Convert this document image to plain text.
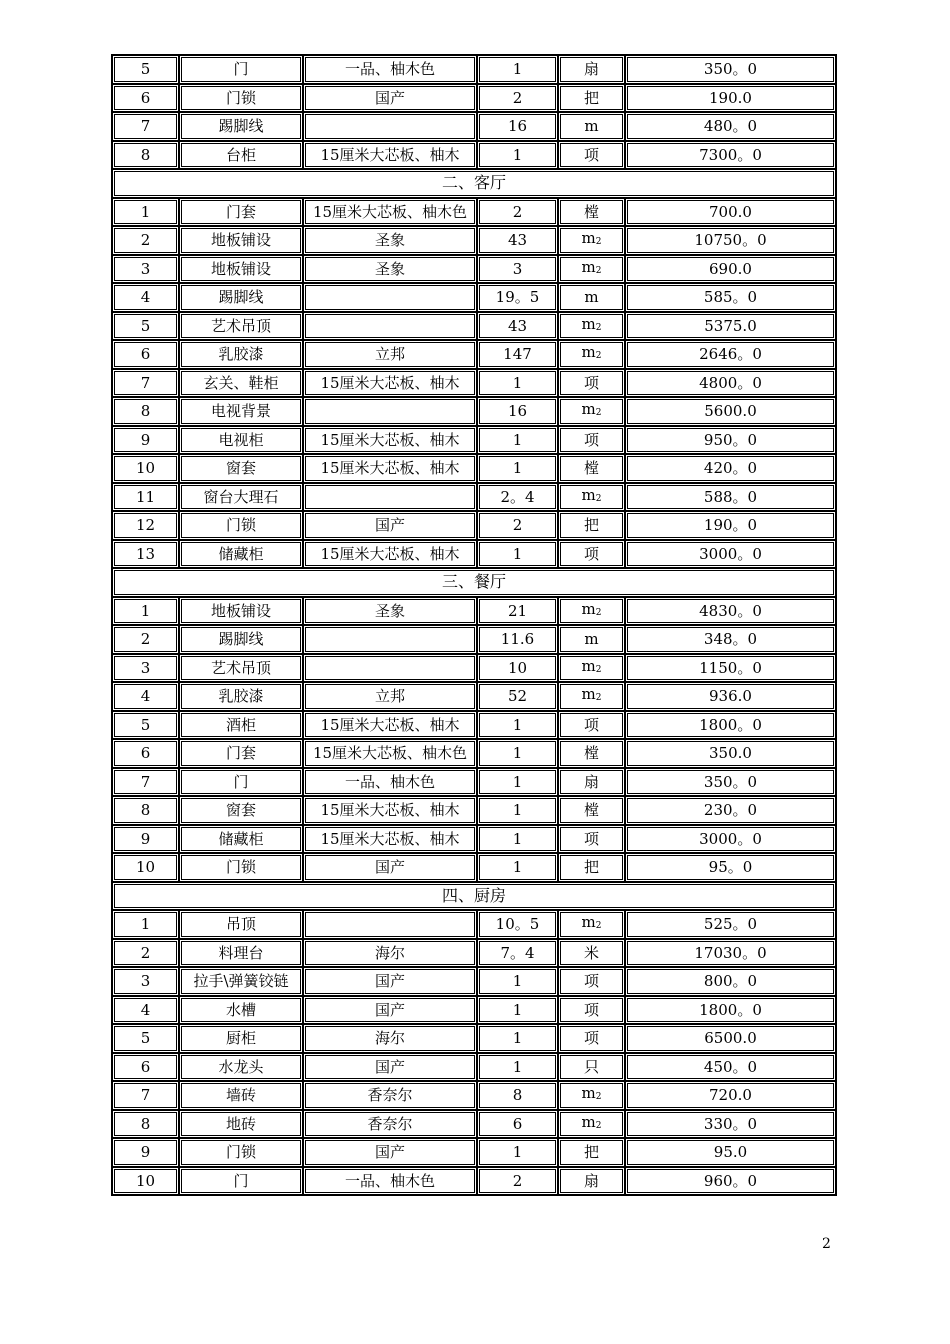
5	门	一品、柚木色	1	扇	350。0
6	门锁	国产	2	把	190.0
7	踢脚线		16	m	480。0
8	台柜	15厘米大芯板、柚木	1	项	7300。0
二、客厅					
1	门套	15厘米大芯板、柚木色	2	樘	700.0
2	地板铺设	圣象	43	m2	10750。0
3	地板铺设	圣象	3	m2	690.0
4	踢脚线		19。5	m	585。0
5	艺术吊顶		43	m2	5375.0
6	乳胶漆	立邦	147	m2	2646。0
7	玄关、鞋柜	15厘米大芯板、柚木	1	项	4800。0
8	电视背景		16	m2	5600.0
9	电视柜	15厘米大芯板、柚木	1	项	950。0
10	窗套	15厘米大芯板、柚木	1	樘	420。0
11	窗台大理石		2。4	m2	588。0
12	门锁	国产	2	把	190。0
13	储藏柜	15厘米大芯板、柚木	1	项	3000。0
三、餐厅					
1	地板铺设	圣象	21	m2	4830。0
2	踢脚线		11.6	m	348。0
3	艺术吊顶		10	m2	1150。0
4	乳胶漆	立邦	52	m2	936.0
5	酒柜	15厘米大芯板、柚木	1	项	1800。0
6	门套	15厘米大芯板、柚木色	1	樘	350.0
7	门	一品、柚木色	1	扇	350。0
8	窗套	15厘米大芯板、柚木	1	樘	230。0
9	储藏柜	15厘米大芯板、柚木	1	项	3000。0
10	门锁	国产	1	把	95。0
四、厨房					
1	吊顶		10。5	m2	525。0
2	料理台	海尔	7。4	米	17030。0
3	拉手\弹簧铰链	国产	1	项	800。0
4	水槽	国产	1	项	1800。0
5	厨柜	海尔	1	项	6500.0
6	水龙头	国产	1	只	450。0
7	墙砖	香奈尔	8	m2	720.0
8	地砖	香奈尔	6	m2	330。0
9	门锁	国产	1	把	95.0
10	门	一品、柚木色	2	扇	960。0
2
